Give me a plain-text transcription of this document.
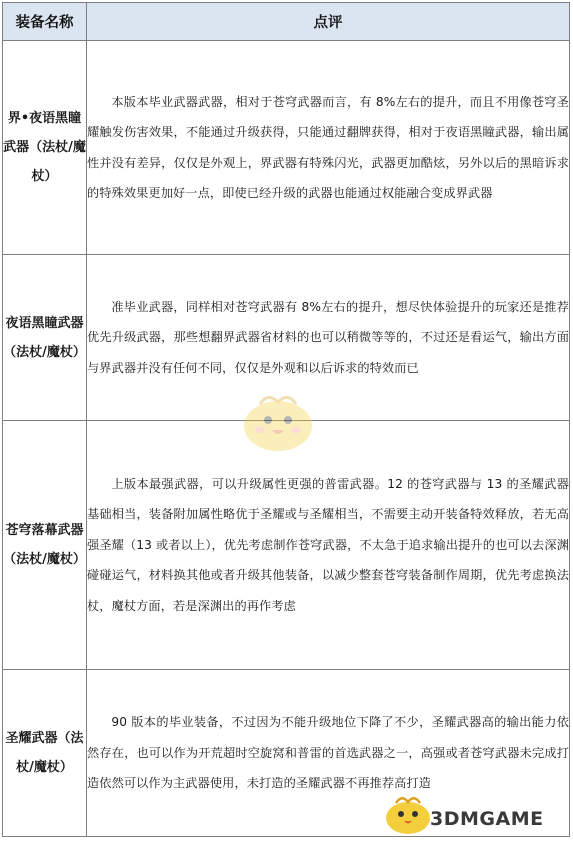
装备名称	点评
界•夜语黑瞳武器（法杖/魔杖）	本版本毕业武器武器，相对于苍穹武器而言，有 8%左右的提升，而且不用像苍穹圣耀触发伤害效果，不能通过升级获得，只能通过翻牌获得，相对于夜语黑瞳武器，输出属性并没有差异，仅仅是外观上，界武器有特殊闪光，武器更加酷炫，另外以后的黑暗诉求的特殊效果更加好一点，即使已经升级的武器也能通过权能融合变成界武器

夜语黑瞳武器（法杖/魔杖）	准毕业武器，同样相对苍穹武器有 8%左右的提升，想尽快体验提升的玩家还是推荐优先升级武器，那些想翻界武器省材料的也可以稍微等等的，不过还是看运气，输出方面与界武器并没有任何不同，仅仅是外观和以后诉求的特效而已

苍穹落幕武器（法杖/魔杖）	上版本最强武器，可以升级属性更强的普雷武器。12 的苍穹武器与 13 的圣耀武器基础相当，装备附加属性略优于圣耀或与圣耀相当，不需要主动开装备特效释放，若无高强圣耀（13 或者以上），优先考虑制作苍穹武器，不太急于追求输出提升的也可以去深渊碰碰运气，材料换其他或者升级其他装备，以减少整套苍穹装备制作周期，优先考虑换法杖，魔杖方面，若是深渊出的再作考虑

圣耀武器（法杖/魔杖）	90 版本的毕业装备，不过因为不能升级地位下降了不少，圣耀武器高的输出能力依然存在，也可以作为开荒超时空旋窝和普雷的首选武器之一，高强或者苍穹武器未完成打造依然可以作为主武器使用，未打造的圣耀武器不再推荐高打造

3DMGAME
